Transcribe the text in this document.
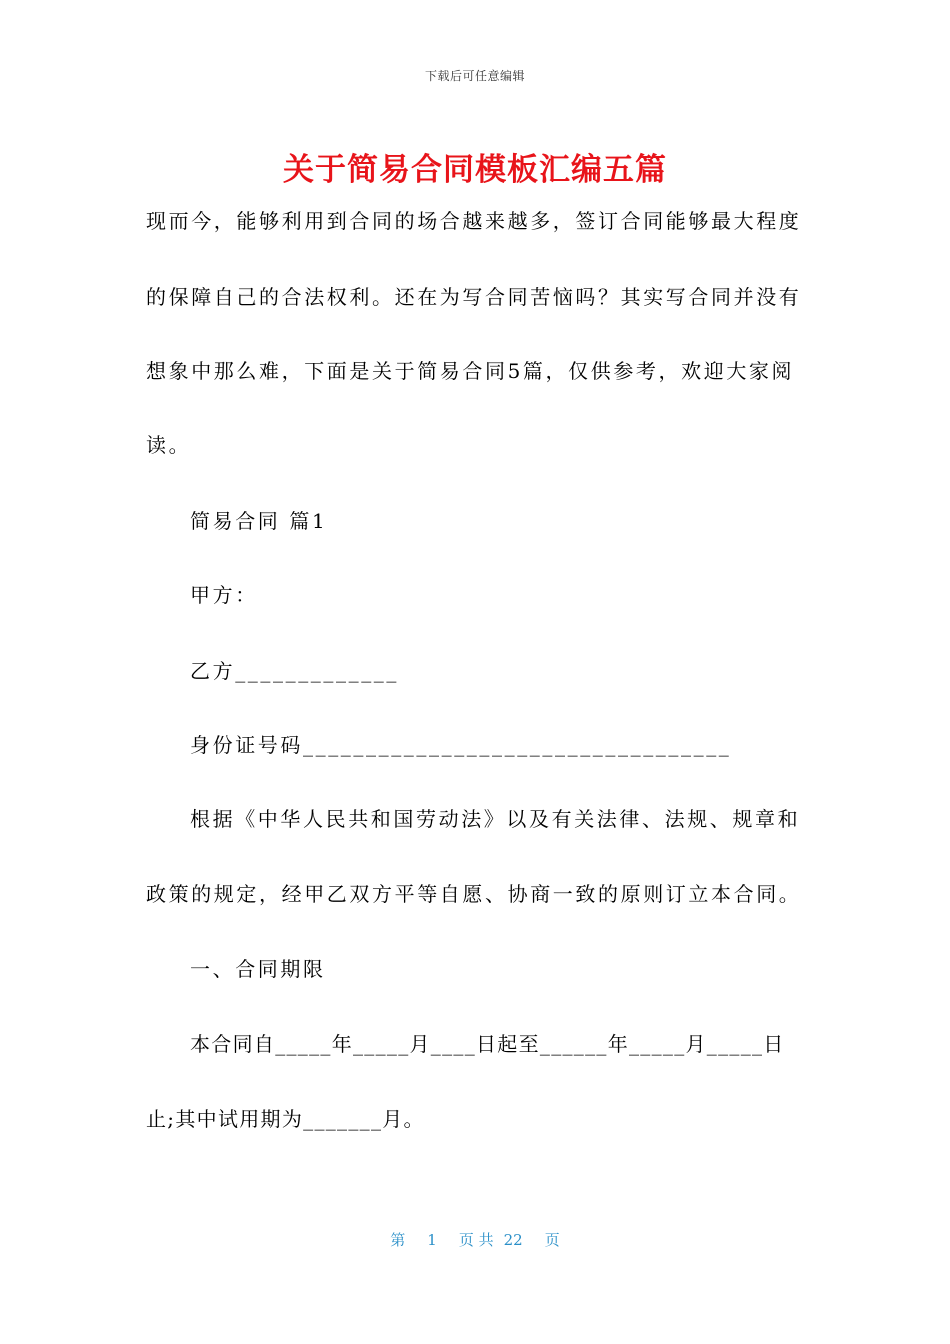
下载后可任意编辑
关于简易合同模板汇编五篇
现而今，能够利用到合同的场合越来越多，签订合同能够最大程度
的保障自己的合法权利。还在为写合同苦恼吗？其实写合同并没有
想象中那么难，下面是关于简易合同5篇，仅供参考，欢迎大家阅
读。
简易合同 篇1
甲方：
乙方_____________
身份证号码__________________________________
根据《中华人民共和国劳动法》以及有关法律、法规、规章和
政策的规定，经甲乙双方平等自愿、协商一致的原则订立本合同。
一、合同期限
本合同自_____年_____月____日起至______年_____月_____日
止;其中试用期为_______月。
第 1 页 共 22 页
